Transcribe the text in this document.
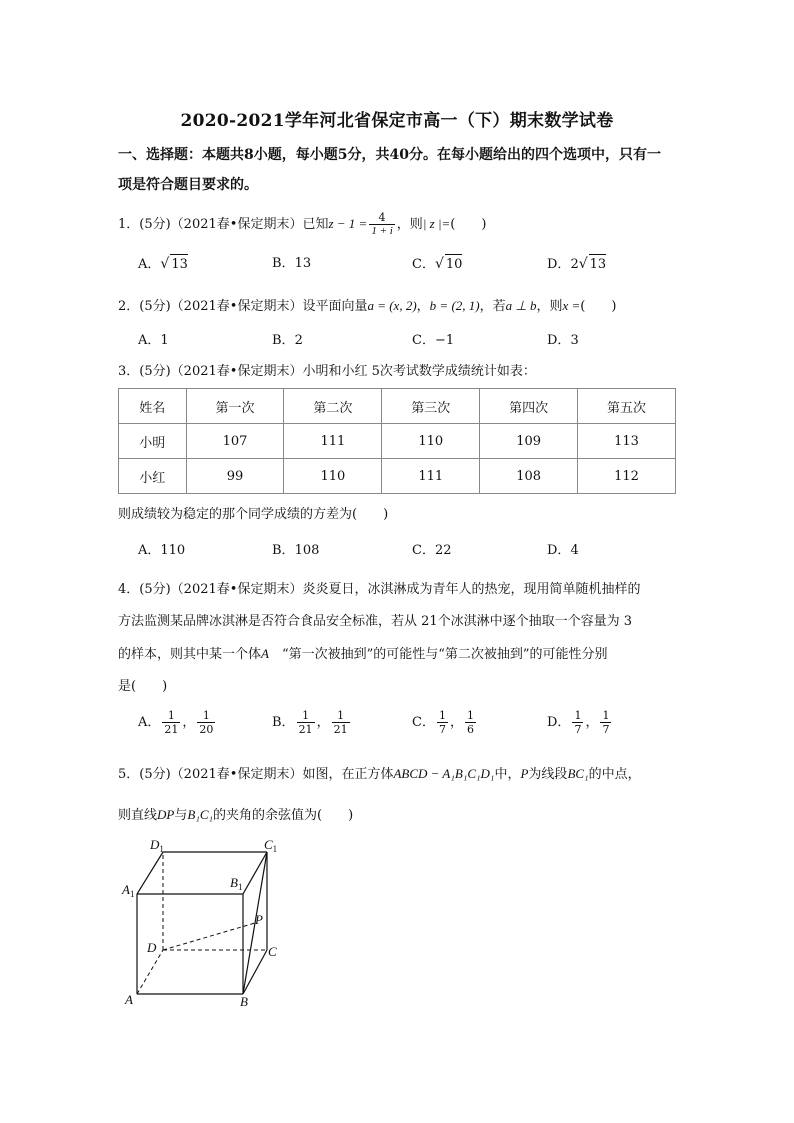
2020-2021学年河北省保定市高一（下）期末数学试卷
一、选择题：本题共8小题，每小题5分，共40分。在每小题给出的四个选项中，只有一
项是符合题目要求的。
1．(5分)（2021春•保定期末）已知$z - 1 = \frac{4}{1 + i}$ ，则| z |=(　　)
A．√ 13	B．13	C．√ 10	D．2√ 13
2．(5分)（2021春•保定期末）设平面向量a = (x, 2)，b = (2, 1)，若a ⊥ b，则x =(　　)
A．1	B．2	C．−1	D．3
3．(5分)（2021春•保定期末）小明和小红 5次考试数学成绩统计如表：
姓名	第一次	第二次	第三次	第四次	第五次
小明	107	111	110	109	113
小红	99	110	111	108	112
则成绩较为稳定的那个同学成绩的方差为(　　)
A．110	B．108	C．22	D．4
4．(5分)（2021春•保定期末）炎炎夏日，冰淇淋成为青年人的热宠，现用简单随机抽样的
方法监测某品牌冰淇淋是否符合食品安全标准，若从 21个冰淇淋中逐个抽取一个容量为 3
的样本，则其中某一个体A　“第一次被抽到”的可能性与“第二次被抽到”的可能性分别
是(　　)
A． $\frac{1}{21}$ ， $\frac{1}{20}$	B． $\frac{1}{21}$ ， $\frac{1}{21}$	C． $\frac{1}{7}$ ， $\frac{1}{6}$	D． $\frac{1}{7}$ ， $\frac{1}{7}$
5．(5分)（2021春•保定期末）如图，在正方体ABCD − A₁B₁C₁D₁中，P为线段BC₁的中点，
则直线DP与B₁C₁的夹角的余弦值为(　　)
$D_1$	$C_1$
$A_1$
$B_1$
P
D	C
A	B
